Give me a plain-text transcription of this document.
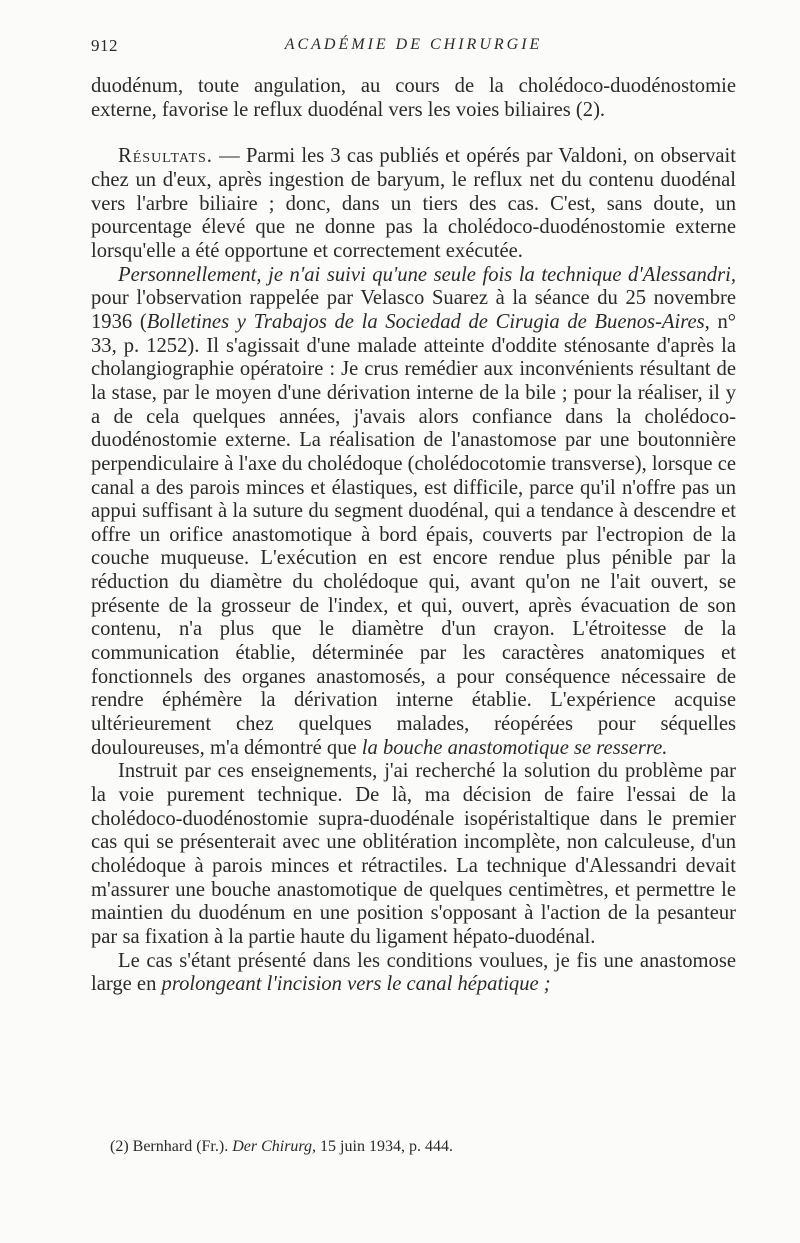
912	ACADÉMIE DE CHIRURGIE

duodénum, toute angulation, au cours de la cholédoco-duodénostomie externe, favorise le reflux duodénal vers les voies biliaires (2).

Résultats. — Parmi les 3 cas publiés et opérés par Valdoni, on observait chez un d'eux, après ingestion de baryum, le reflux net du contenu duodénal vers l'arbre biliaire ; donc, dans un tiers des cas. C'est, sans doute, un pourcentage élevé que ne donne pas la cholédoco-duodénostomie externe lorsqu'elle a été opportune et correctement exécutée.

Personnellement, je n'ai suivi qu'une seule fois la technique d'Alessandri, pour l'observation rappelée par Velasco Suarez à la séance du 25 novembre 1936 (Bolletines y Trabajos de la Sociedad de Cirugia de Buenos-Aires, n° 33, p. 1252). Il s'agissait d'une malade atteinte d'oddite sténosante d'après la cholangiographie opératoire : Je crus remédier aux inconvénients résultant de la stase, par le moyen d'une dérivation interne de la bile ; pour la réaliser, il y a de cela quelques années, j'avais alors confiance dans la cholédoco-duodénostomie externe. La réalisation de l'anastomose par une boutonnière perpendiculaire à l'axe du cholédoque (cholédocotomie transverse), lorsque ce canal a des parois minces et élastiques, est difficile, parce qu'il n'offre pas un appui suffisant à la suture du segment duodénal, qui a tendance à descendre et offre un orifice anastomotique à bord épais, couverts par l'ectropion de la couche muqueuse. L'exécution en est encore rendue plus pénible par la réduction du diamètre du cholédoque qui, avant qu'on ne l'ait ouvert, se présente de la grosseur de l'index, et qui, ouvert, après évacuation de son contenu, n'a plus que le diamètre d'un crayon. L'étroitesse de la communication établie, déterminée par les caractères anatomiques et fonctionnels des organes anastomosés, a pour conséquence nécessaire de rendre éphémère la dérivation interne établie. L'expérience acquise ultérieurement chez quelques malades, réopérées pour séquelles douloureuses, m'a démontré que la bouche anastomotique se resserre.

Instruit par ces enseignements, j'ai recherché la solution du problème par la voie purement technique. De là, ma décision de faire l'essai de la cholédoco-duodénostomie supra-duodénale isopéristaltique dans le premier cas qui se présenterait avec une oblitération incomplète, non calculeuse, d'un cholédoque à parois minces et rétractiles. La technique d'Alessandri devait m'assurer une bouche anastomotique de quelques centimètres, et permettre le maintien du duodénum en une position s'opposant à l'action de la pesanteur par sa fixation à la partie haute du ligament hépato-duodénal.

Le cas s'étant présenté dans les conditions voulues, je fis une anastomose large en prolongeant l'incision vers le canal hépatique ;

(2) Bernhard (Fr.). Der Chirurg, 15 juin 1934, p. 444.
